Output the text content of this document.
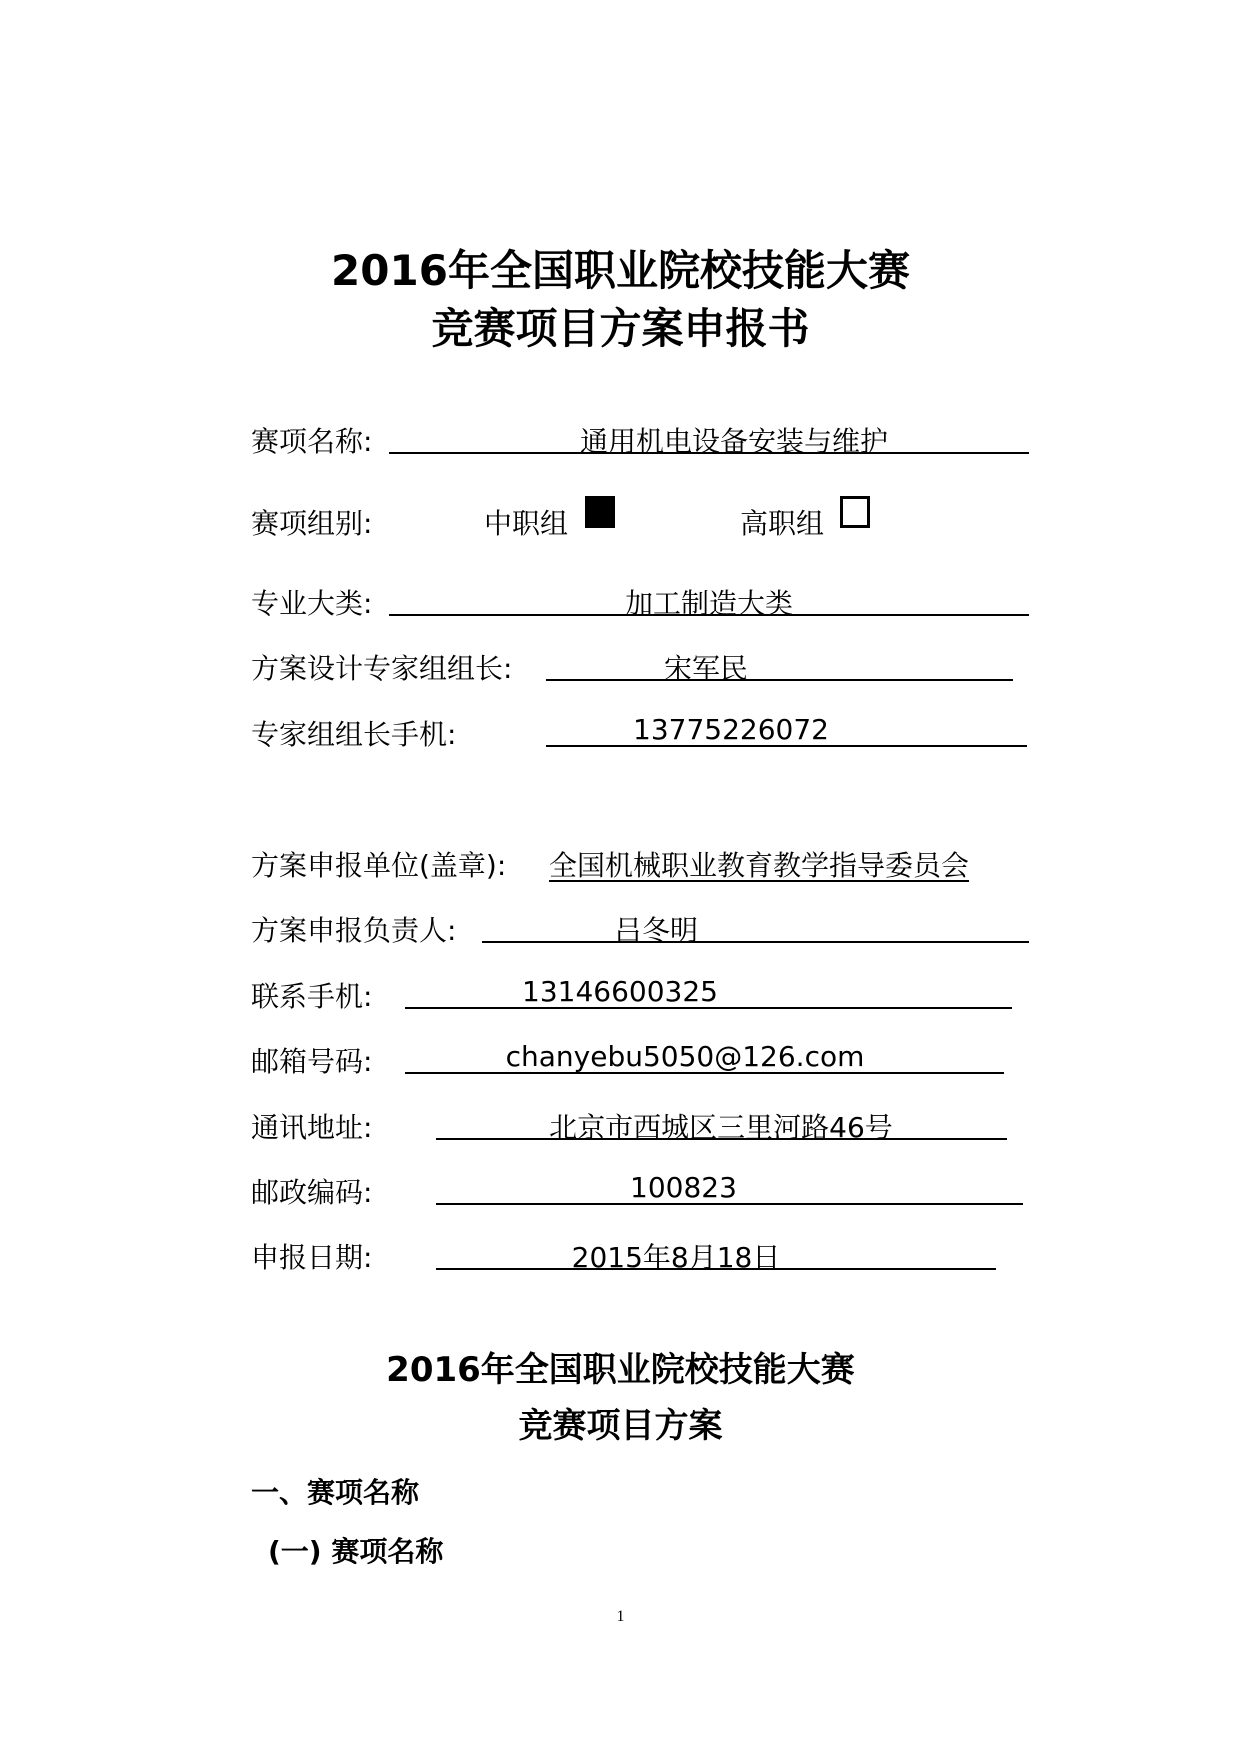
2016年全国职业院校技能大赛
竞赛项目方案申报书
赛项名称:	通用机电设备安装与维护
赛项组别:	中职组	高职组
专业大类:	加工制造大类
方案设计专家组组长:	宋军民
专家组组长手机:	13775226072
方案申报单位(盖章): 全国机械职业教育教学指导委员会
方案申报负责人:	吕冬明
联系手机:	13146600325
邮箱号码:	chanyebu5050@126.com
通讯地址:	北京市西城区三里河路46号
邮政编码:	100823
申报日期:	2015年8月18日
2016年全国职业院校技能大赛
竞赛项目方案
一、赛项名称
(一) 赛项名称
1
